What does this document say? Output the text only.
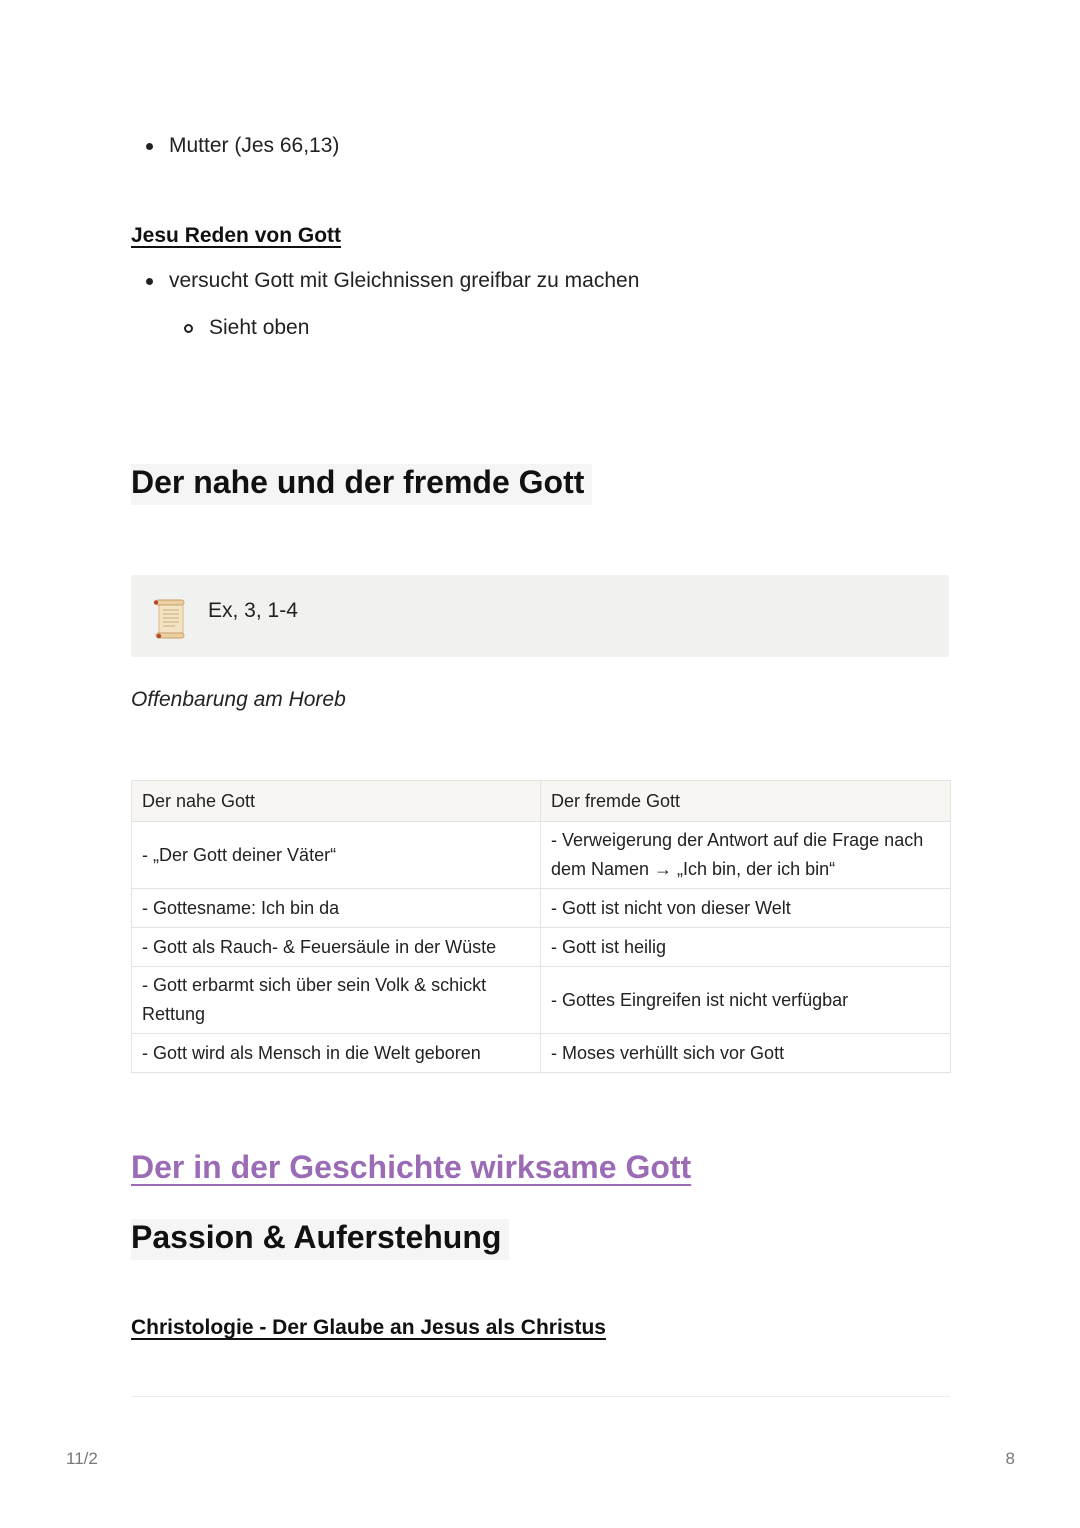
Mutter (Jes 66,13)
Jesu Reden von Gott
versucht Gott mit Gleichnissen greifbar zu machen
Sieht oben
Der nahe und der fremde Gott
Ex, 3, 1-4
Offenbarung am Horeb
Der nahe Gott	Der fremde Gott
- „Der Gott deiner Väter“	- Verweigerung der Antwort auf die Frage nach dem Namen → „Ich bin, der ich bin“
- Gottesname: Ich bin da	- Gott ist nicht von dieser Welt
- Gott als Rauch- & Feuersäule in der Wüste	- Gott ist heilig
- Gott erbarmt sich über sein Volk & schickt Rettung	- Gottes Eingreifen ist nicht verfügbar
- Gott wird als Mensch in die Welt geboren	- Moses verhüllt sich vor Gott
Der in der Geschichte wirksame Gott
Passion & Auferstehung
Christologie - Der Glaube an Jesus als Christus
11/2	8
